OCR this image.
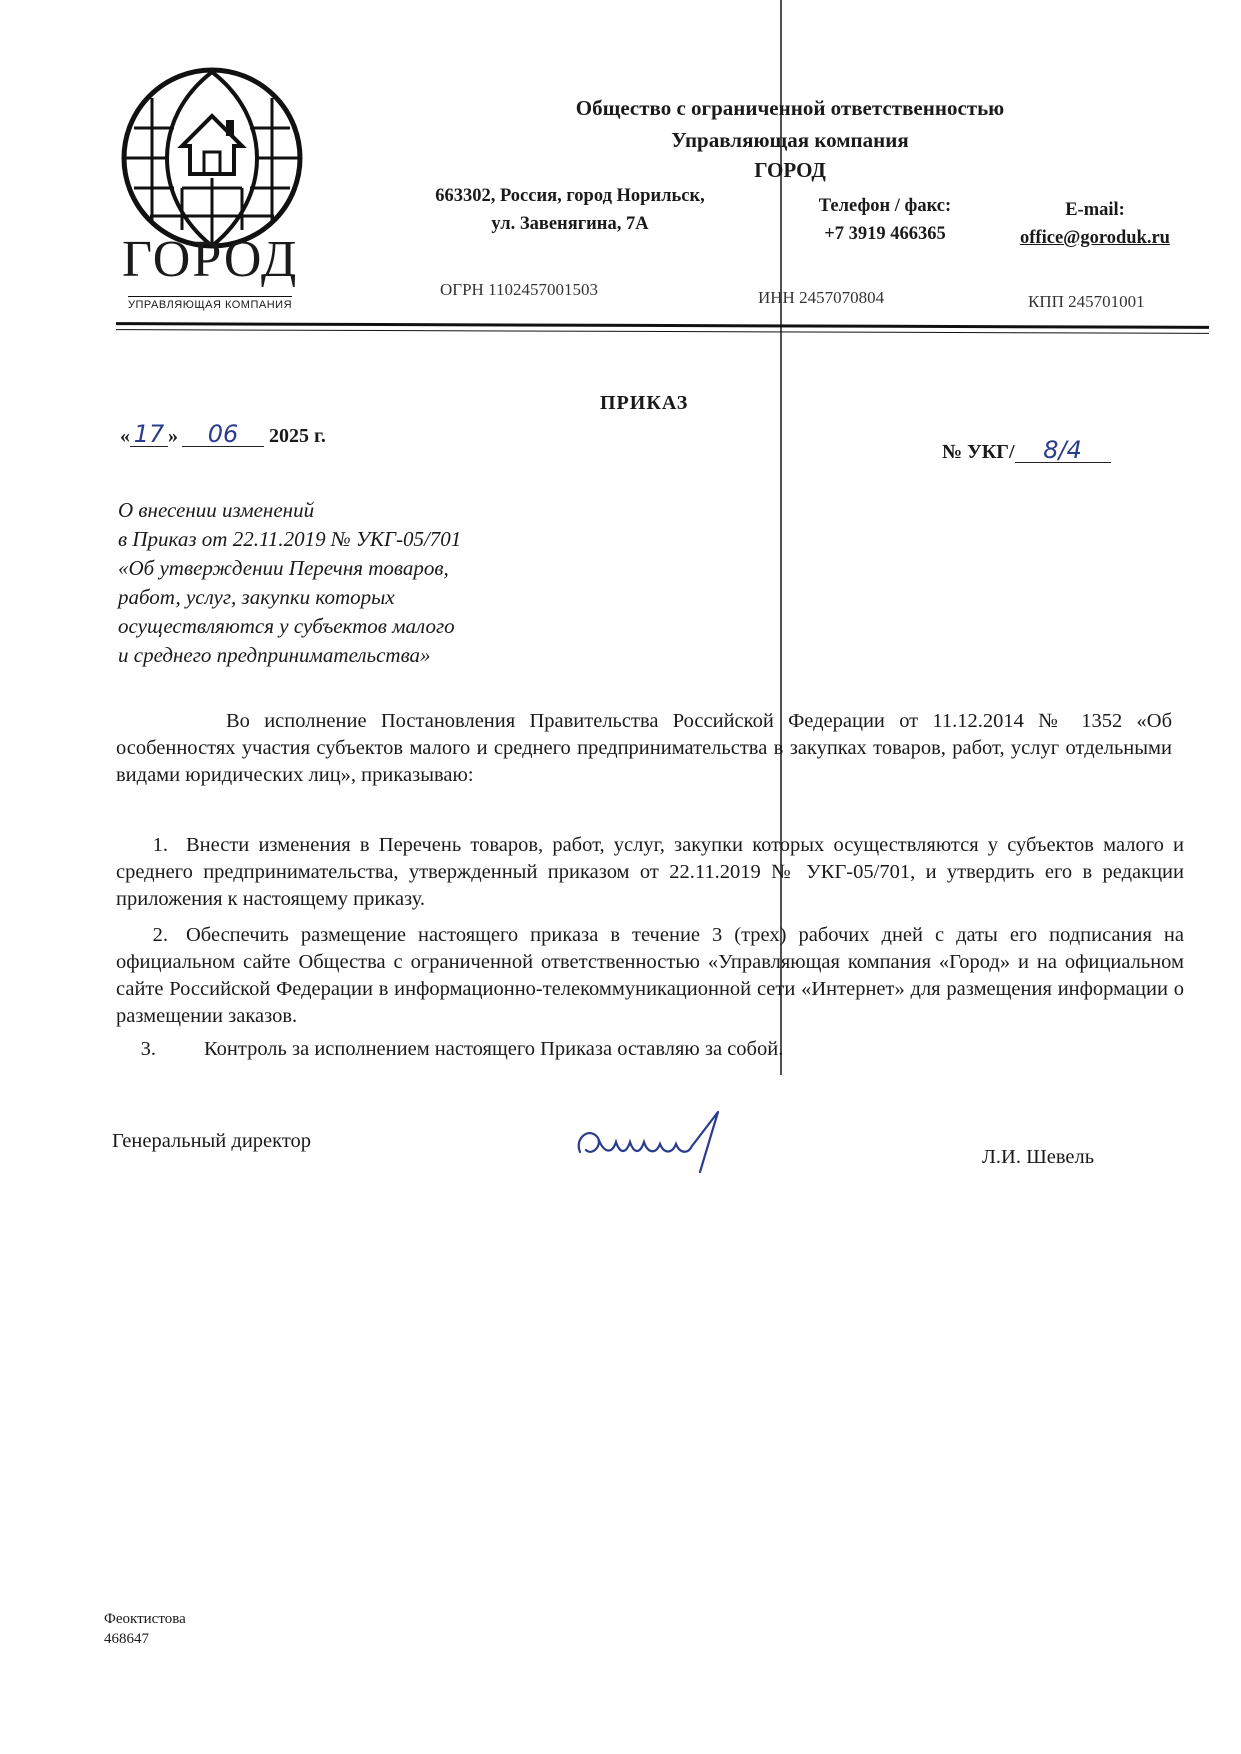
ГОРОД
УПРАВЛЯЮЩАЯ КОМПАНИЯ
Общество с ограниченной ответственностью
Управляющая компания
ГОРОД
663302, Россия, город Норильск,
ул. Завенягина, 7А
Телефон / факс:
+7 3919 466365
E-mail:
office@goroduk.ru
ОГРН 1102457001503	ИНН 2457070804	КПП 245701001
ПРИКАЗ
« 17 » 06 2025 г.
№ УКГ/ 8/4
О внесении изменений
в Приказ от 22.11.2019 № УКГ-05/701
«Об утверждении Перечня товаров,
работ, услуг, закупки которых
осуществляются у субъектов малого
и среднего предпринимательства»
Во исполнение Постановления Правительства Российской Федерации от 11.12.2014 № 1352 «Об особенностях участия субъектов малого и среднего предпринимательства в закупках товаров, работ, услуг отдельными видами юридических лиц», приказываю:
1. Внести изменения в Перечень товаров, работ, услуг, закупки которых осуществляются у субъектов малого и среднего предпринимательства, утвержденный приказом от 22.11.2019 № УКГ-05/701, и утвердить его в редакции приложения к настоящему приказу.
2. Обеспечить размещение настоящего приказа в течение 3 (трех) рабочих дней с даты его подписания на официальном сайте Общества с ограниченной ответственностью «Управляющая компания «Город» и на официальном сайте Российской Федерации в информационно-телекоммуникационной сети «Интернет» для размещения информации о размещении заказов.
3. Контроль за исполнением настоящего Приказа оставляю за собой.
Генеральный директор
Л.И. Шевель
Феоктистова
468647
